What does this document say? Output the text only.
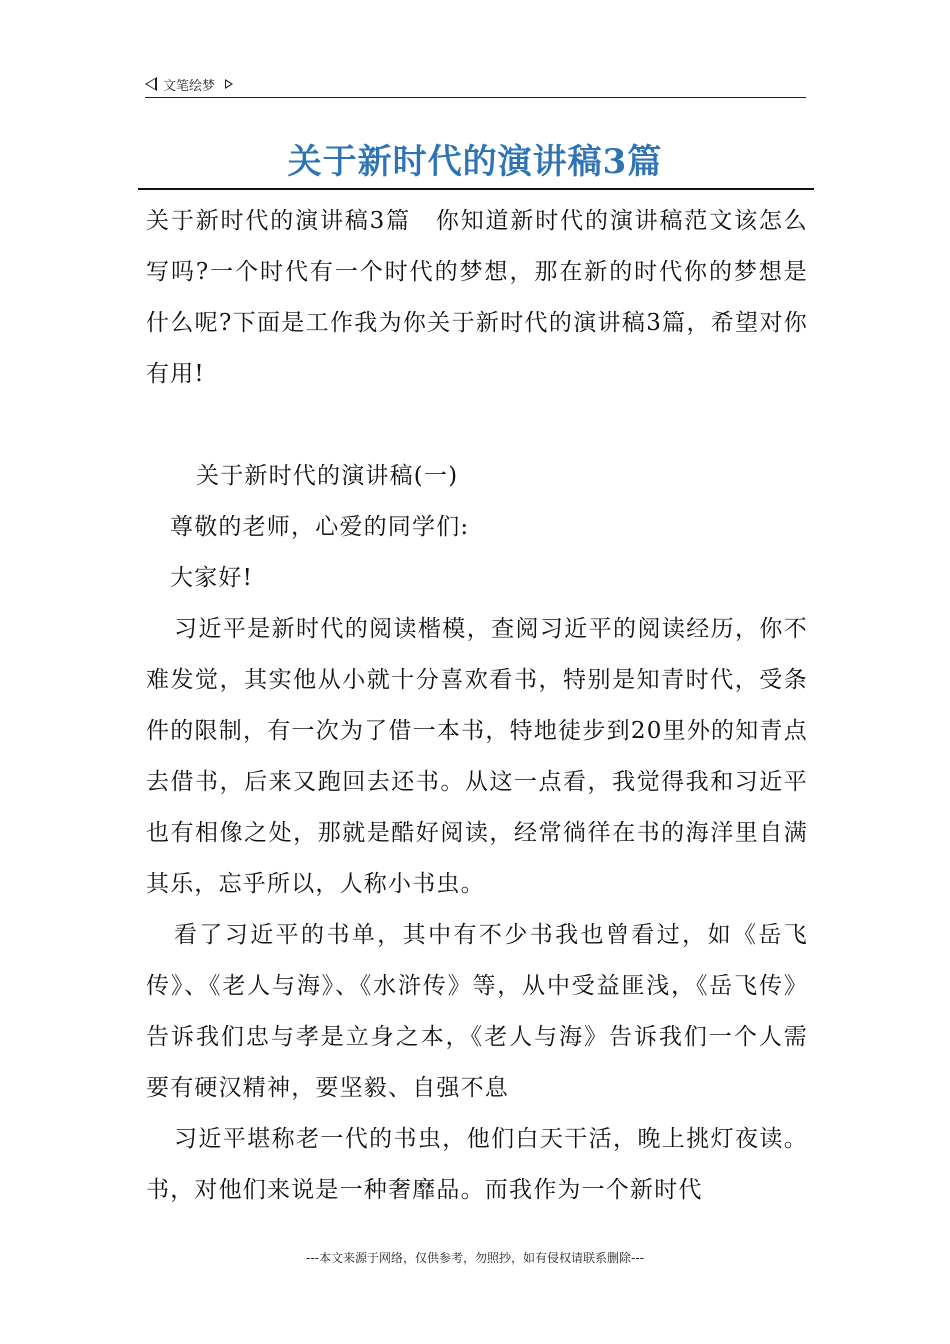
文笔绘梦
关于新时代的演讲稿3篇

关于新时代的演讲稿3篇　你知道新时代的演讲稿范文该怎么写吗?一个时代有一个时代的梦想，那在新的时代你的梦想是什么呢?下面是工作我为你关于新时代的演讲稿3篇，希望对你有用!

关于新时代的演讲稿(一)

尊敬的老师，心爱的同学们:

大家好!

习近平是新时代的阅读楷模，查阅习近平的阅读经历，你不难发觉，其实他从小就十分喜欢看书，特别是知青时代，受条件的限制，有一次为了借一本书，特地徒步到20里外的知青点去借书，后来又跑回去还书。从这一点看，我觉得我和习近平也有相像之处，那就是酷好阅读，经常徜徉在书的海洋里自满其乐，忘乎所以，人称小书虫。

看了习近平的书单，其中有不少书我也曾看过，如《岳飞传》、《老人与海》、《水浒传》等，从中受益匪浅，《岳飞传》告诉我们忠与孝是立身之本，《老人与海》告诉我们一个人需要有硬汉精神，要坚毅、自强不息

习近平堪称老一代的书虫，他们白天干活，晚上挑灯夜读。书，对他们来说是一种奢靡品。而我作为一个新时代

---本文来源于网络，仅供参考，勿照抄，如有侵权请联系删除---
